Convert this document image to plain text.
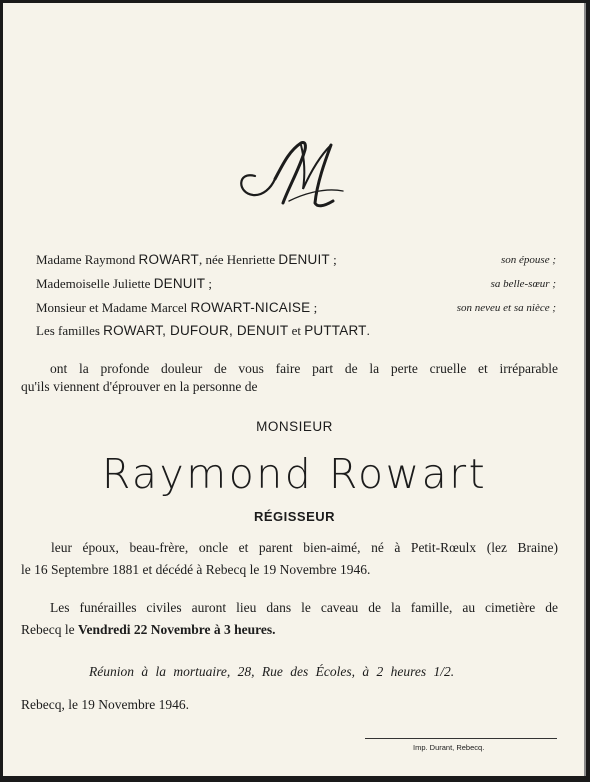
Madame Raymond ROWART, née Henriette DENUIT ;	son épouse ;
Mademoiselle Juliette DENUIT ;	sa belle-sœur ;
Monsieur et Madame Marcel ROWART-NICAISE ;	son neveu et sa nièce ;
Les familles ROWART, DUFOUR, DENUIT et PUTTART.
ont la profonde douleur de vous faire part de la perte cruelle et irréparable
qu'ils viennent d'éprouver en la personne de
MONSIEUR
Raymond Rowart
RÉGISSEUR
leur époux, beau-frère, oncle et parent bien-aimé, né à Petit-Rœulx (lez Braine)
le 16 Septembre 1881 et décédé à Rebecq le 19 Novembre 1946.
Les funérailles civiles auront lieu dans le caveau de la famille, au cimetière de
Rebecq le Vendredi 22 Novembre à 3 heures.
Réunion à la mortuaire, 28, Rue des Écoles, à 2 heures 1/2.
Rebecq, le 19 Novembre 1946.
Imp. Durant, Rebecq.
